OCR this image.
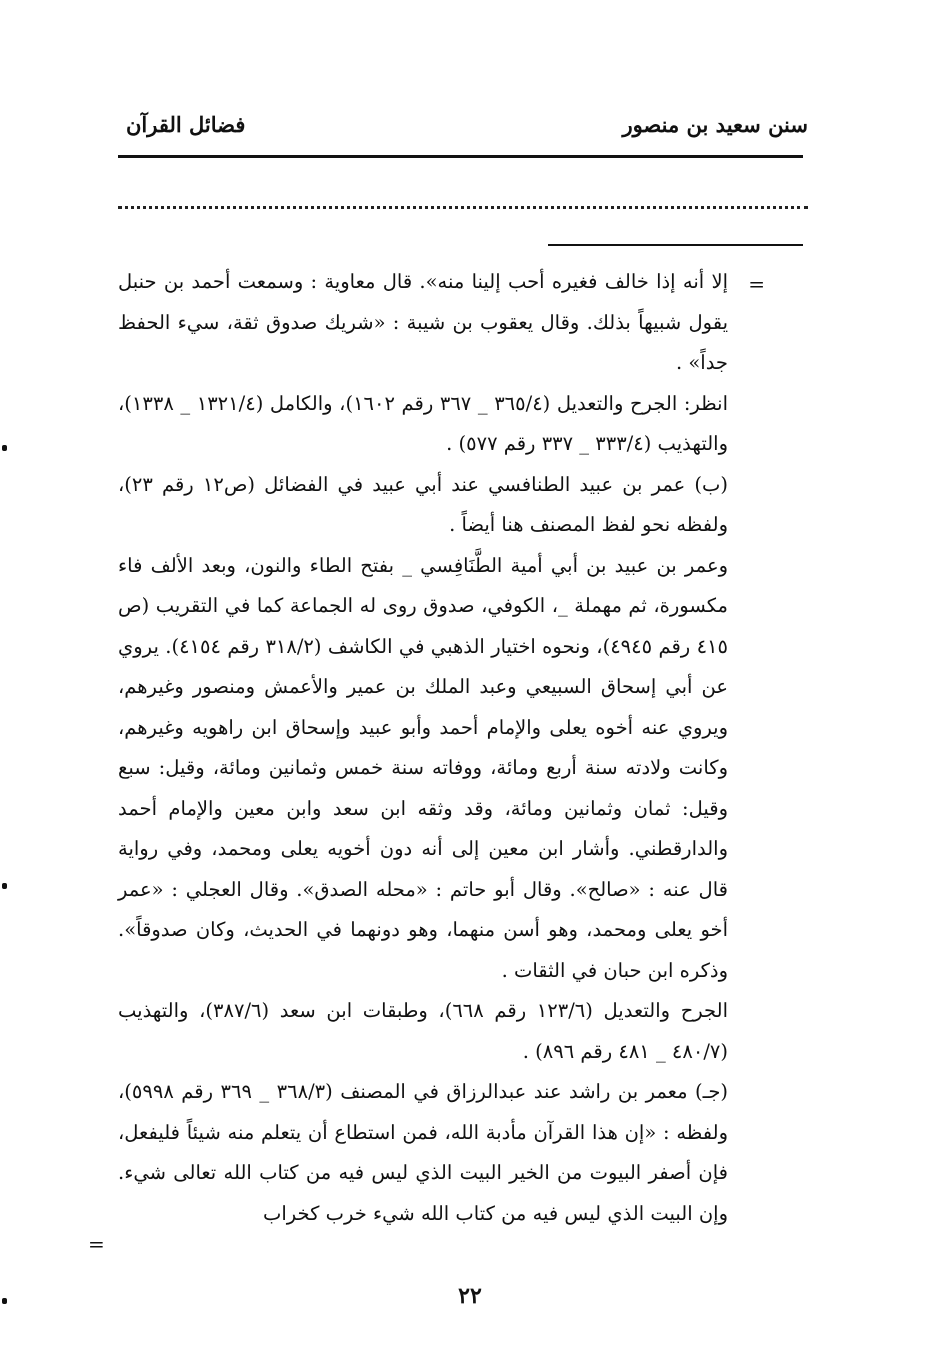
سنن سعيد بن منصور
فضائل القرآن
=

إلا أنه إذا خالف فغيره أحب إلينا منه». قال معاوية : وسمعت أحمد بن حنبل يقول شبيهاً بذلك. وقال يعقوب بن شيبة : «شريك صدوق ثقة، سيء الحفظ جداً» .

انظر: الجرح والتعديل (٣٦٥/٤ _ ٣٦٧ رقم ١٦٠٢)، والكامل (١٣٢١/٤ _ ١٣٣٨)، والتهذيب (٣٣٣/٤ _ ٣٣٧ رقم ٥٧٧) .

(ب) عمر بن عبيد الطنافسي عند أبي عبيد في الفضائل (ص١٢ رقم ٢٣)، ولفظه نحو لفظ المصنف هنا أيضاً .

وعمر بن عبيد بن أبي أمية الطَّنَافِسي _ بفتح الطاء والنون، وبعد الألف فاء مكسورة، ثم مهملة _، الكوفي، صدوق روى له الجماعة كما في التقريب (ص ٤١٥ رقم ٤٩٤٥)، ونحوه اختيار الذهبي في الكاشف (٣١٨/٢ رقم ٤١٥٤). يروي عن أبي إسحاق السبيعي وعبد الملك بن عمير والأعمش ومنصور وغيرهم، ويروي عنه أخوه يعلى والإمام أحمد وأبو عبيد وإسحاق ابن راهويه وغيرهم، وكانت ولادته سنة أربع ومائة، ووفاته سنة خمس وثمانين ومائة، وقيل: سبع وقيل: ثمان وثمانين ومائة، وقد وثقه ابن سعد وابن معين والإمام أحمد والدارقطني. وأشار ابن معين إلى أنه دون أخويه يعلى ومحمد، وفي رواية قال عنه : «صالح». وقال أبو حاتم : «محله الصدق». وقال العجلي : «عمر أخو يعلى ومحمد، وهو أسن منهما، وهو دونهما في الحديث، وكان صدوقاً». وذكره ابن حبان في الثقات .

الجرح والتعديل (١٢٣/٦ رقم ٦٦٨)، وطبقات ابن سعد (٣٨٧/٦)، والتهذيب (٤٨٠/٧ _ ٤٨١ رقم ٨٩٦) .

(جـ) معمر بن راشد عند عبدالرزاق في المصنف (٣٦٨/٣ _ ٣٦٩ رقم ٥٩٩٨)، ولفظه : «إن هذا القرآن مأدبة الله، فمن استطاع أن يتعلم منه شيئاً فليفعل، فإن أصفر البيوت من الخير البيت الذي ليس فيه من كتاب الله تعالى شيء. وإن البيت الذي ليس فيه من كتاب الله شيء خرب كخراب

=
٢٢
